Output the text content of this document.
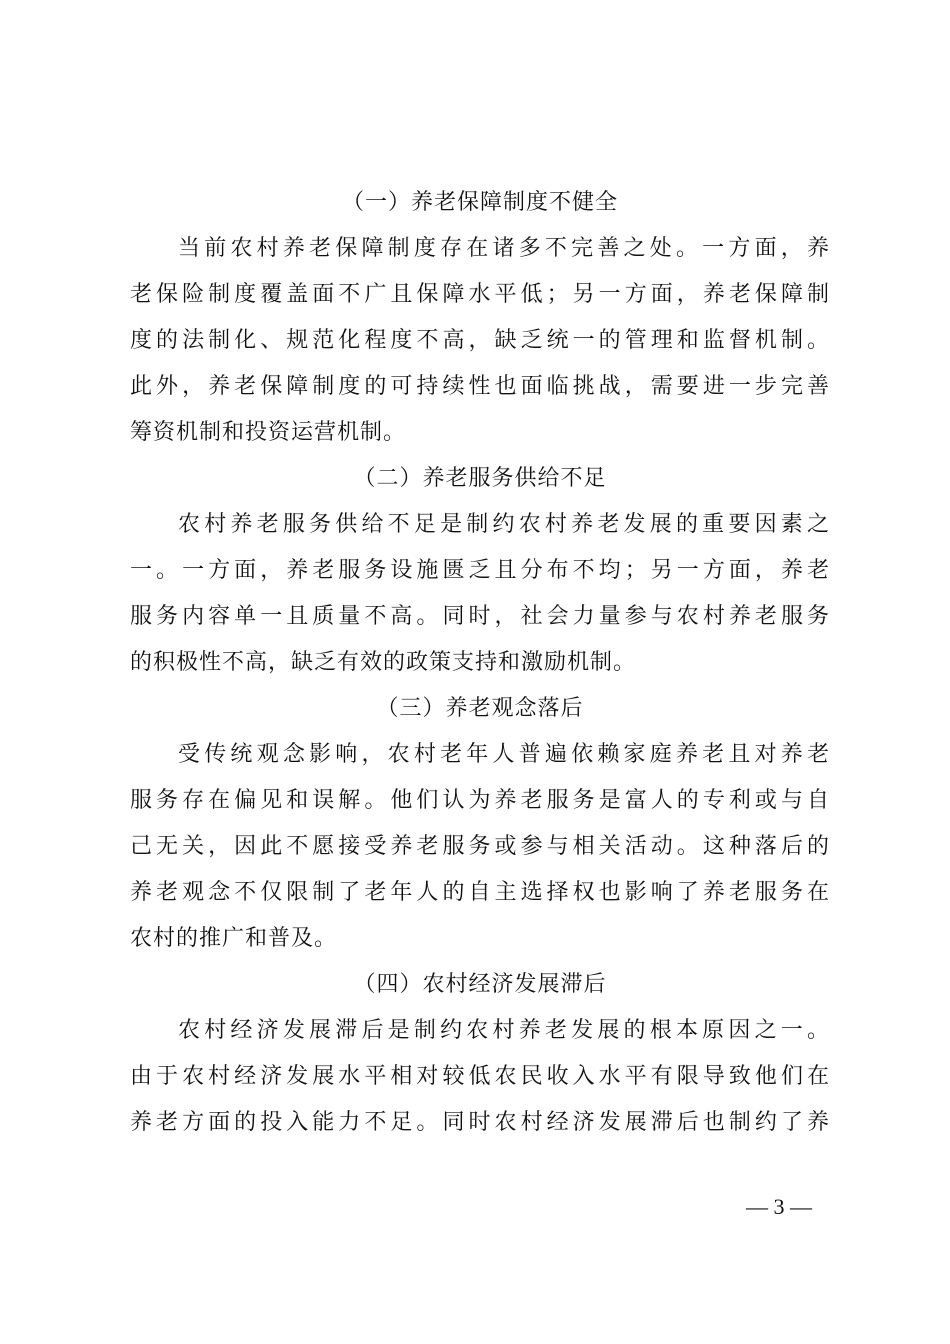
（一）养老保障制度不健全
当前农村养老保障制度存在诸多不完善之处。一方面，养
老保险制度覆盖面不广且保障水平低；另一方面，养老保障制
度的法制化、规范化程度不高，缺乏统一的管理和监督机制。
此外，养老保障制度的可持续性也面临挑战，需要进一步完善
筹资机制和投资运营机制。
（二）养老服务供给不足
农村养老服务供给不足是制约农村养老发展的重要因素之
一。一方面，养老服务设施匮乏且分布不均；另一方面，养老
服务内容单一且质量不高。同时，社会力量参与农村养老服务
的积极性不高，缺乏有效的政策支持和激励机制。
（三）养老观念落后
受传统观念影响，农村老年人普遍依赖家庭养老且对养老
服务存在偏见和误解。他们认为养老服务是富人的专利或与自
己无关，因此不愿接受养老服务或参与相关活动。这种落后的
养老观念不仅限制了老年人的自主选择权也影响了养老服务在
农村的推广和普及。
（四）农村经济发展滞后
农村经济发展滞后是制约农村养老发展的根本原因之一。
由于农村经济发展水平相对较低农民收入水平有限导致他们在
养老方面的投入能力不足。同时农村经济发展滞后也制约了养
— 3 —
